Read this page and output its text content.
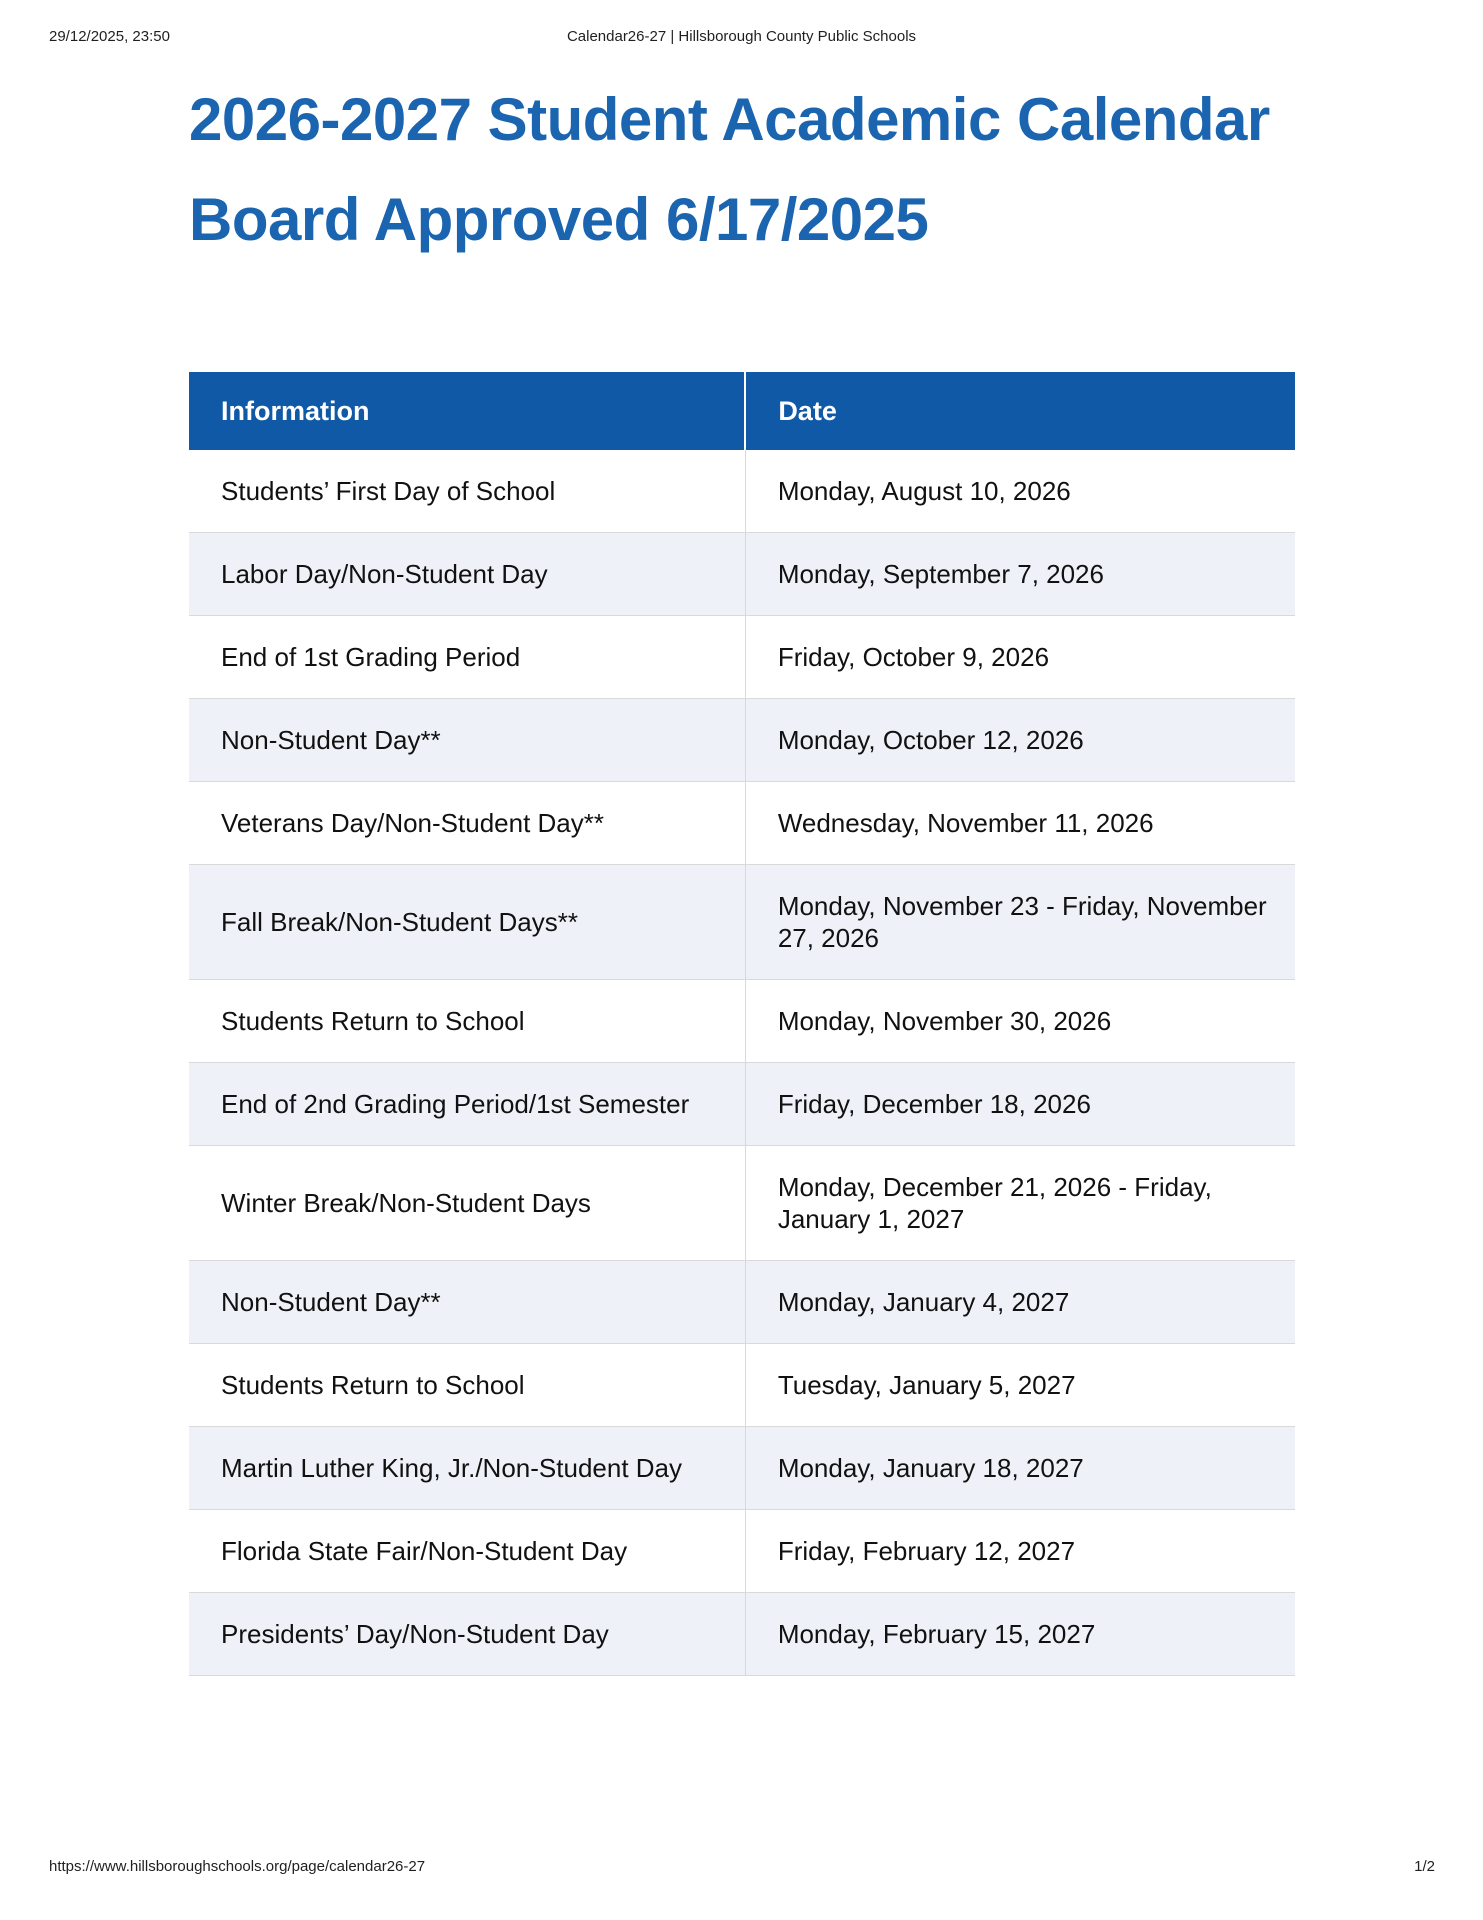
29/12/2025, 23:50	Calendar26-27 | Hillsborough County Public Schools
2026-2027 Student Academic Calendar
Board Approved 6/17/2025
Information	Date
Students’ First Day of School	Monday, August 10, 2026
Labor Day/Non-Student Day	Monday, September 7, 2026
End of 1st Grading Period	Friday, October 9, 2026
Non-Student Day**	Monday, October 12, 2026
Veterans Day/Non-Student Day**	Wednesday, November 11, 2026
Fall Break/Non-Student Days**	Monday, November 23 - Friday, November 27, 2026
Students Return to School	Monday, November 30, 2026
End of 2nd Grading Period/1st Semester	Friday, December 18, 2026
Winter Break/Non-Student Days	Monday, December 21, 2026 - Friday, January 1, 2027
Non-Student Day**	Monday, January 4, 2027
Students Return to School	Tuesday, January 5, 2027
Martin Luther King, Jr./Non-Student Day	Monday, January 18, 2027
Florida State Fair/Non-Student Day	Friday, February 12, 2027
Presidents’ Day/Non-Student Day	Monday, February 15, 2027
https://www.hillsboroughschools.org/page/calendar26-27	1/2
